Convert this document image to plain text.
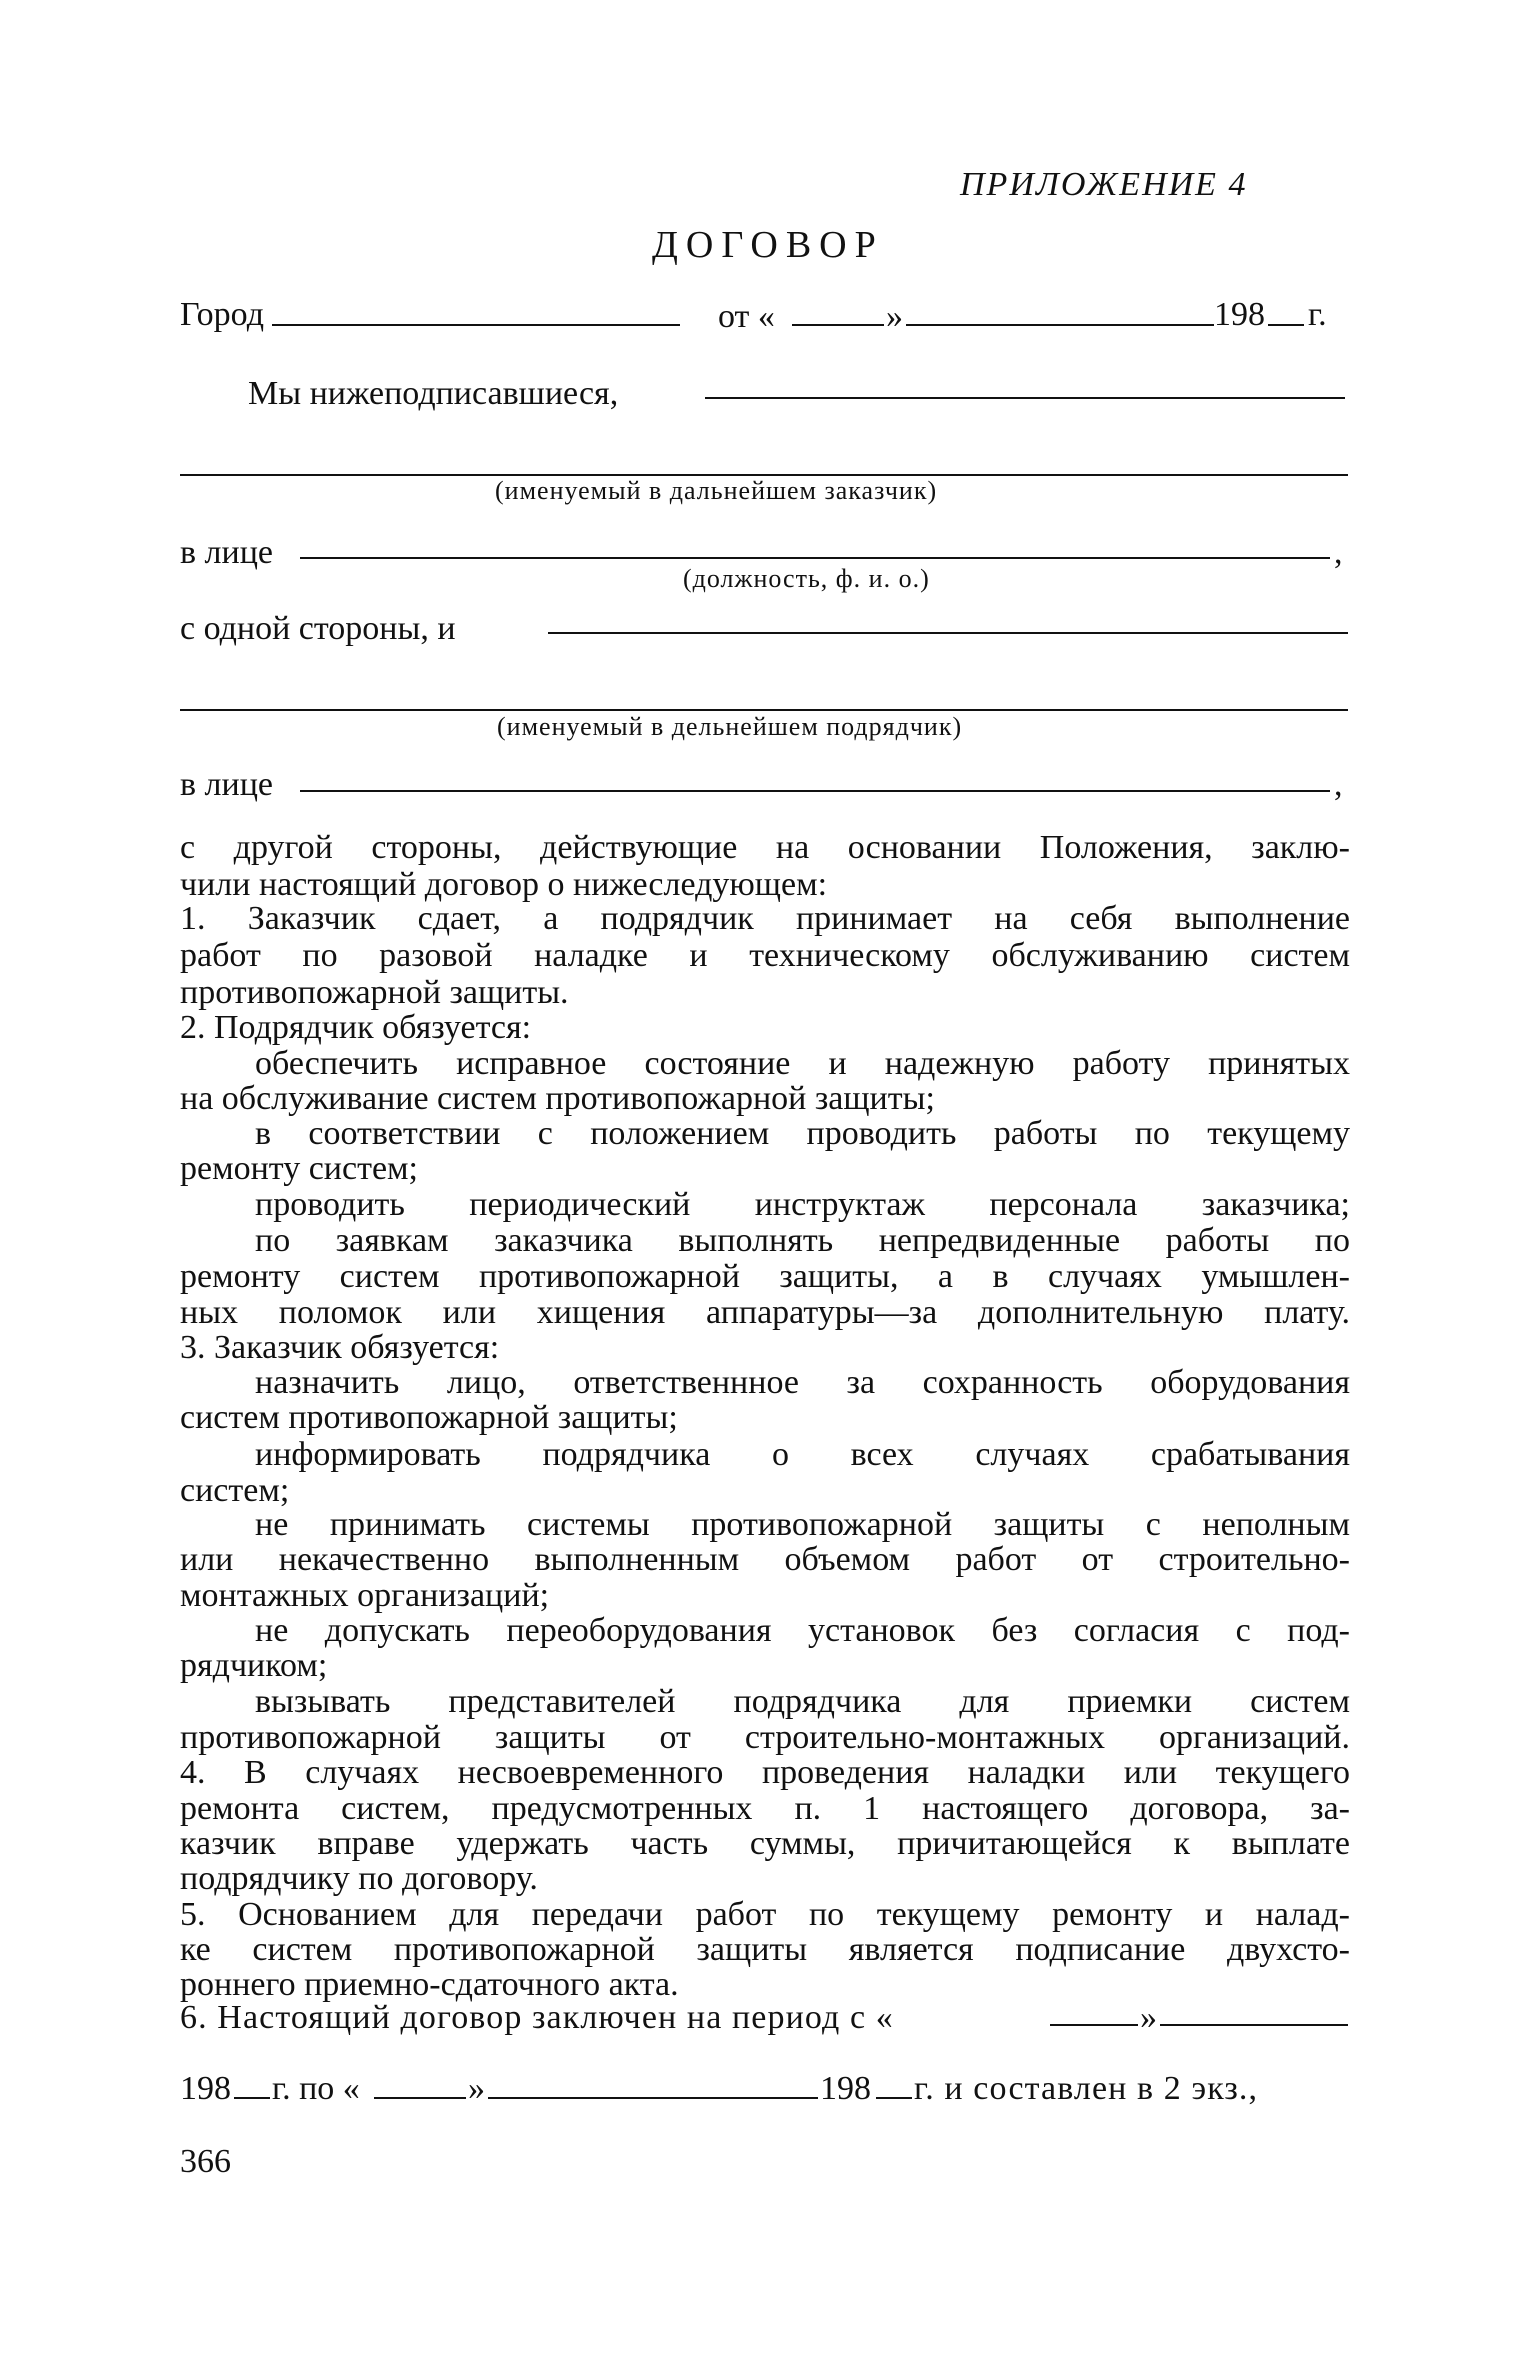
ПРИЛОЖЕНИЕ 4
ДОГОВОР
Город	от «	»	198 г.
Мы нижеподписавшиеся,
(именуемый в дальнейшем заказчик)
в лице	,
(должность, ф. и. о.)
с одной стороны, и
(именуемый в дельнейшем подрядчик)
в лице	,
с другой стороны, действующие на основании Положения, заклю-
чили настоящий договор о нижеследующем:
1. Заказчик сдает, а подрядчик принимает на себя выполнение
работ по разовой наладке и техническому обслуживанию систем
противопожарной защиты.
2. Подрядчик обязуется:
обеспечить исправное состояние и надежную работу принятых
на обслуживание систем противопожарной защиты;
в соответствии с положением проводить работы по текущему
ремонту систем;
проводить периодический инструктаж персонала заказчика;
по заявкам заказчика выполнять непредвиденные работы по
ремонту систем противопожарной защиты, а в случаях умышлен-
ных поломок или хищения аппаратуры—за дополнительную плату.
3. Заказчик обязуется:
назначить лицо, ответственнное за сохранность оборудования
систем противопожарной защиты;
информировать подрядчика о всех случаях срабатывания
систем;
не принимать системы противопожарной защиты с неполным
или некачественно выполненным объемом работ от строительно-
монтажных организаций;
не допускать переоборудования установок без согласия с под-
рядчиком;
вызывать представителей подрядчика для приемки систем
противопожарной защиты от строительно-монтажных организаций.
4. В случаях несвоевременного проведения наладки или текущего
ремонта систем, предусмотренных п. 1 настоящего договора, за-
казчик вправе удержать часть суммы, причитающейся к выплате
подрядчику по договору.
5. Основанием для передачи работ по текущему ремонту и налад-
ке систем противопожарной защиты является подписание двухсто-
роннего приемно-сдаточного акта.
6. Настоящий договор заключен на период с «	»
198 г. по «	»	198 г. и составлен в 2 экз.,
366
